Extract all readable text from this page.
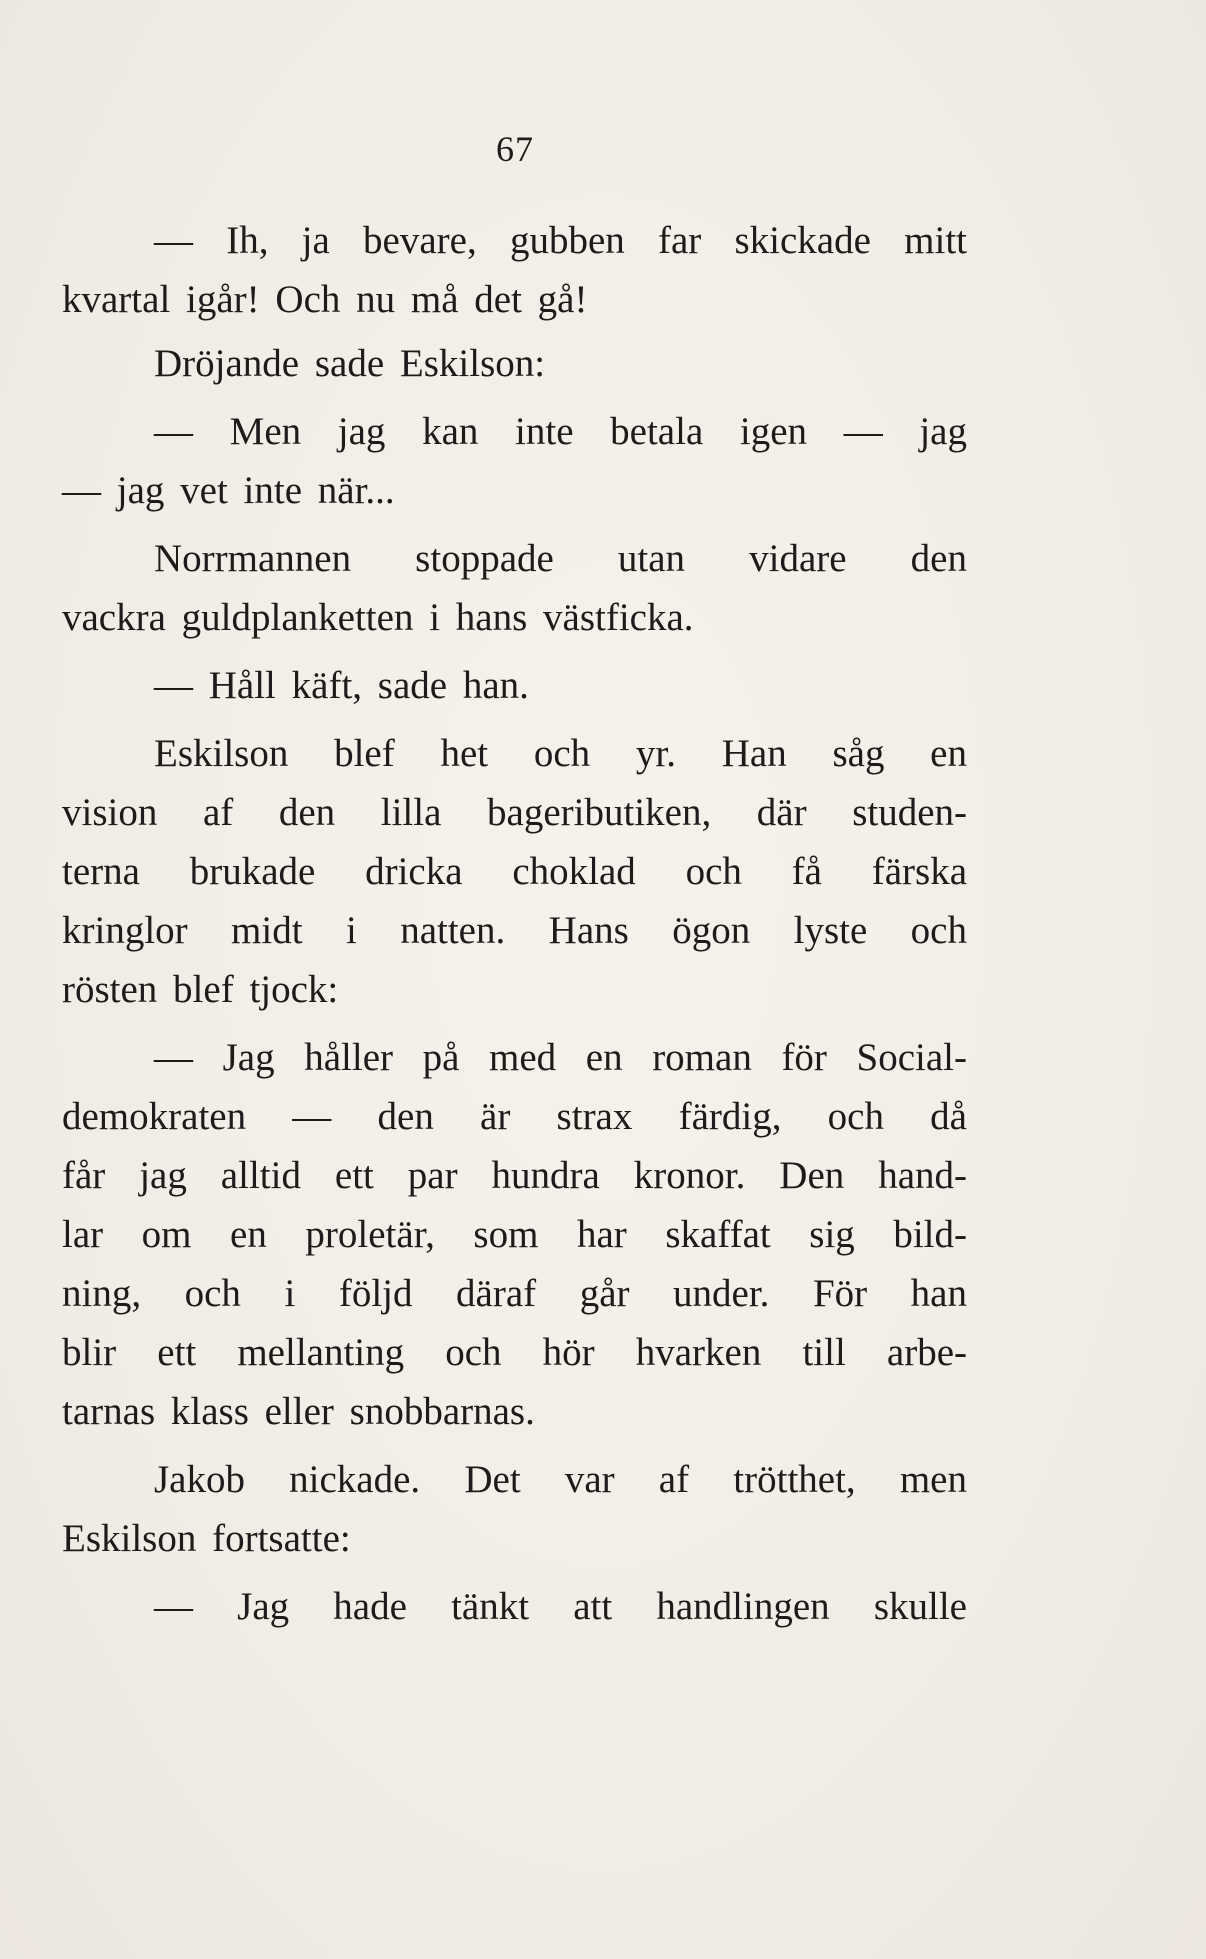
67
— Ih, ja bevare, gubben far skickade mitt
kvartal igår! Och nu må det gå!
Dröjande sade Eskilson:
— Men jag kan inte betala igen — jag
— jag vet inte när...
Norrmannen stoppade utan vidare den
vackra guldplanketten i hans västficka.
— Håll käft, sade han.
Eskilson blef het och yr. Han såg en
vision af den lilla bageributiken, där studen-
terna brukade dricka choklad och få färska
kringlor midt i natten. Hans ögon lyste och
rösten blef tjock:
— Jag håller på med en roman för Social-
demokraten — den är strax färdig, och då
får jag alltid ett par hundra kronor. Den hand-
lar om en proletär, som har skaffat sig bild-
ning, och i följd däraf går under. För han
blir ett mellanting och hör hvarken till arbe-
tarnas klass eller snobbarnas.
Jakob nickade. Det var af trötthet, men
Eskilson fortsatte:
— Jag hade tänkt att handlingen skulle
